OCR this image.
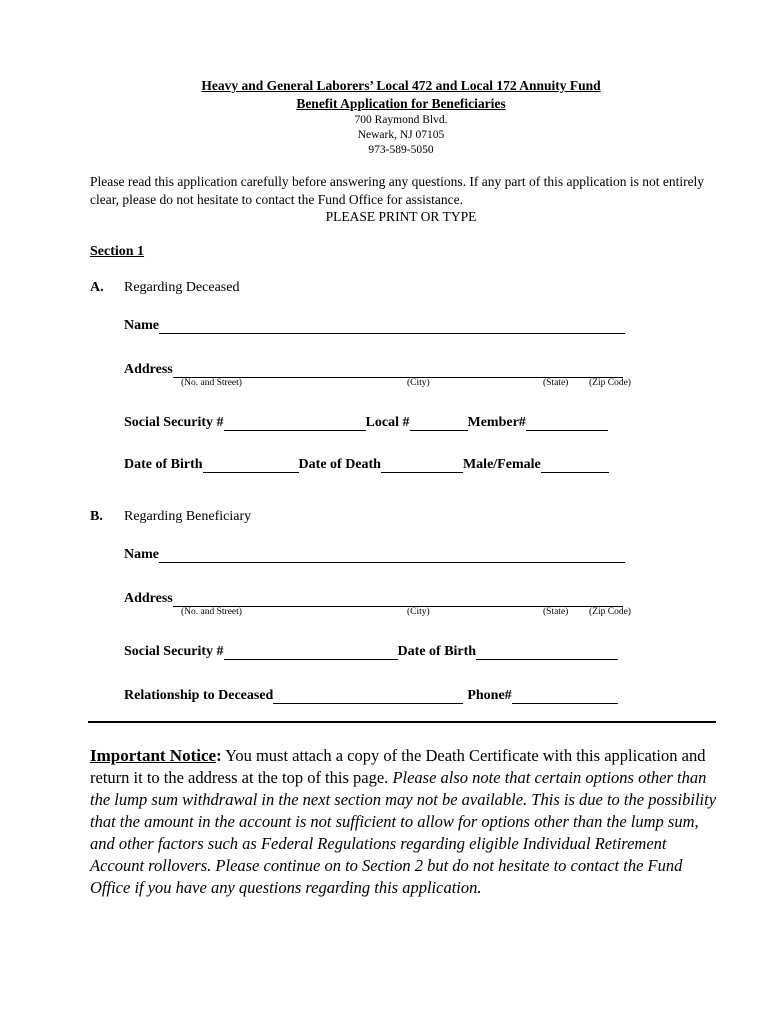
Heavy and General Laborers’ Local 472 and Local 172 Annuity Fund
Benefit Application for Beneficiaries
700 Raymond Blvd.
Newark, NJ 07105
973-589-5050
Please read this application carefully before answering any questions. If any part of this application is not entirely clear, please do not hesitate to contact the Fund Office for assistance.
PLEASE PRINT OR TYPE
Section 1
A. Regarding Deceased
Name
Address
(No. and Street)	(City)	(State) (Zip Code)
Social Security #	Local #	Member#
Date of Birth	Date of Death	Male/Female
B. Regarding Beneficiary
Name
Address
(No. and Street)	(City)	(State) (Zip Code)
Social Security #	Date of Birth
Relationship to Deceased	Phone#
Important Notice: You must attach a copy of the Death Certificate with this application and return it to the address at the top of this page. Please also note that certain options other than the lump sum withdrawal in the next section may not be available. This is due to the possibility that the amount in the account is not sufficient to allow for options other than the lump sum, and other factors such as Federal Regulations regarding eligible Individual Retirement Account rollovers. Please continue on to Section 2 but do not hesitate to contact the Fund Office if you have any questions regarding this application.
